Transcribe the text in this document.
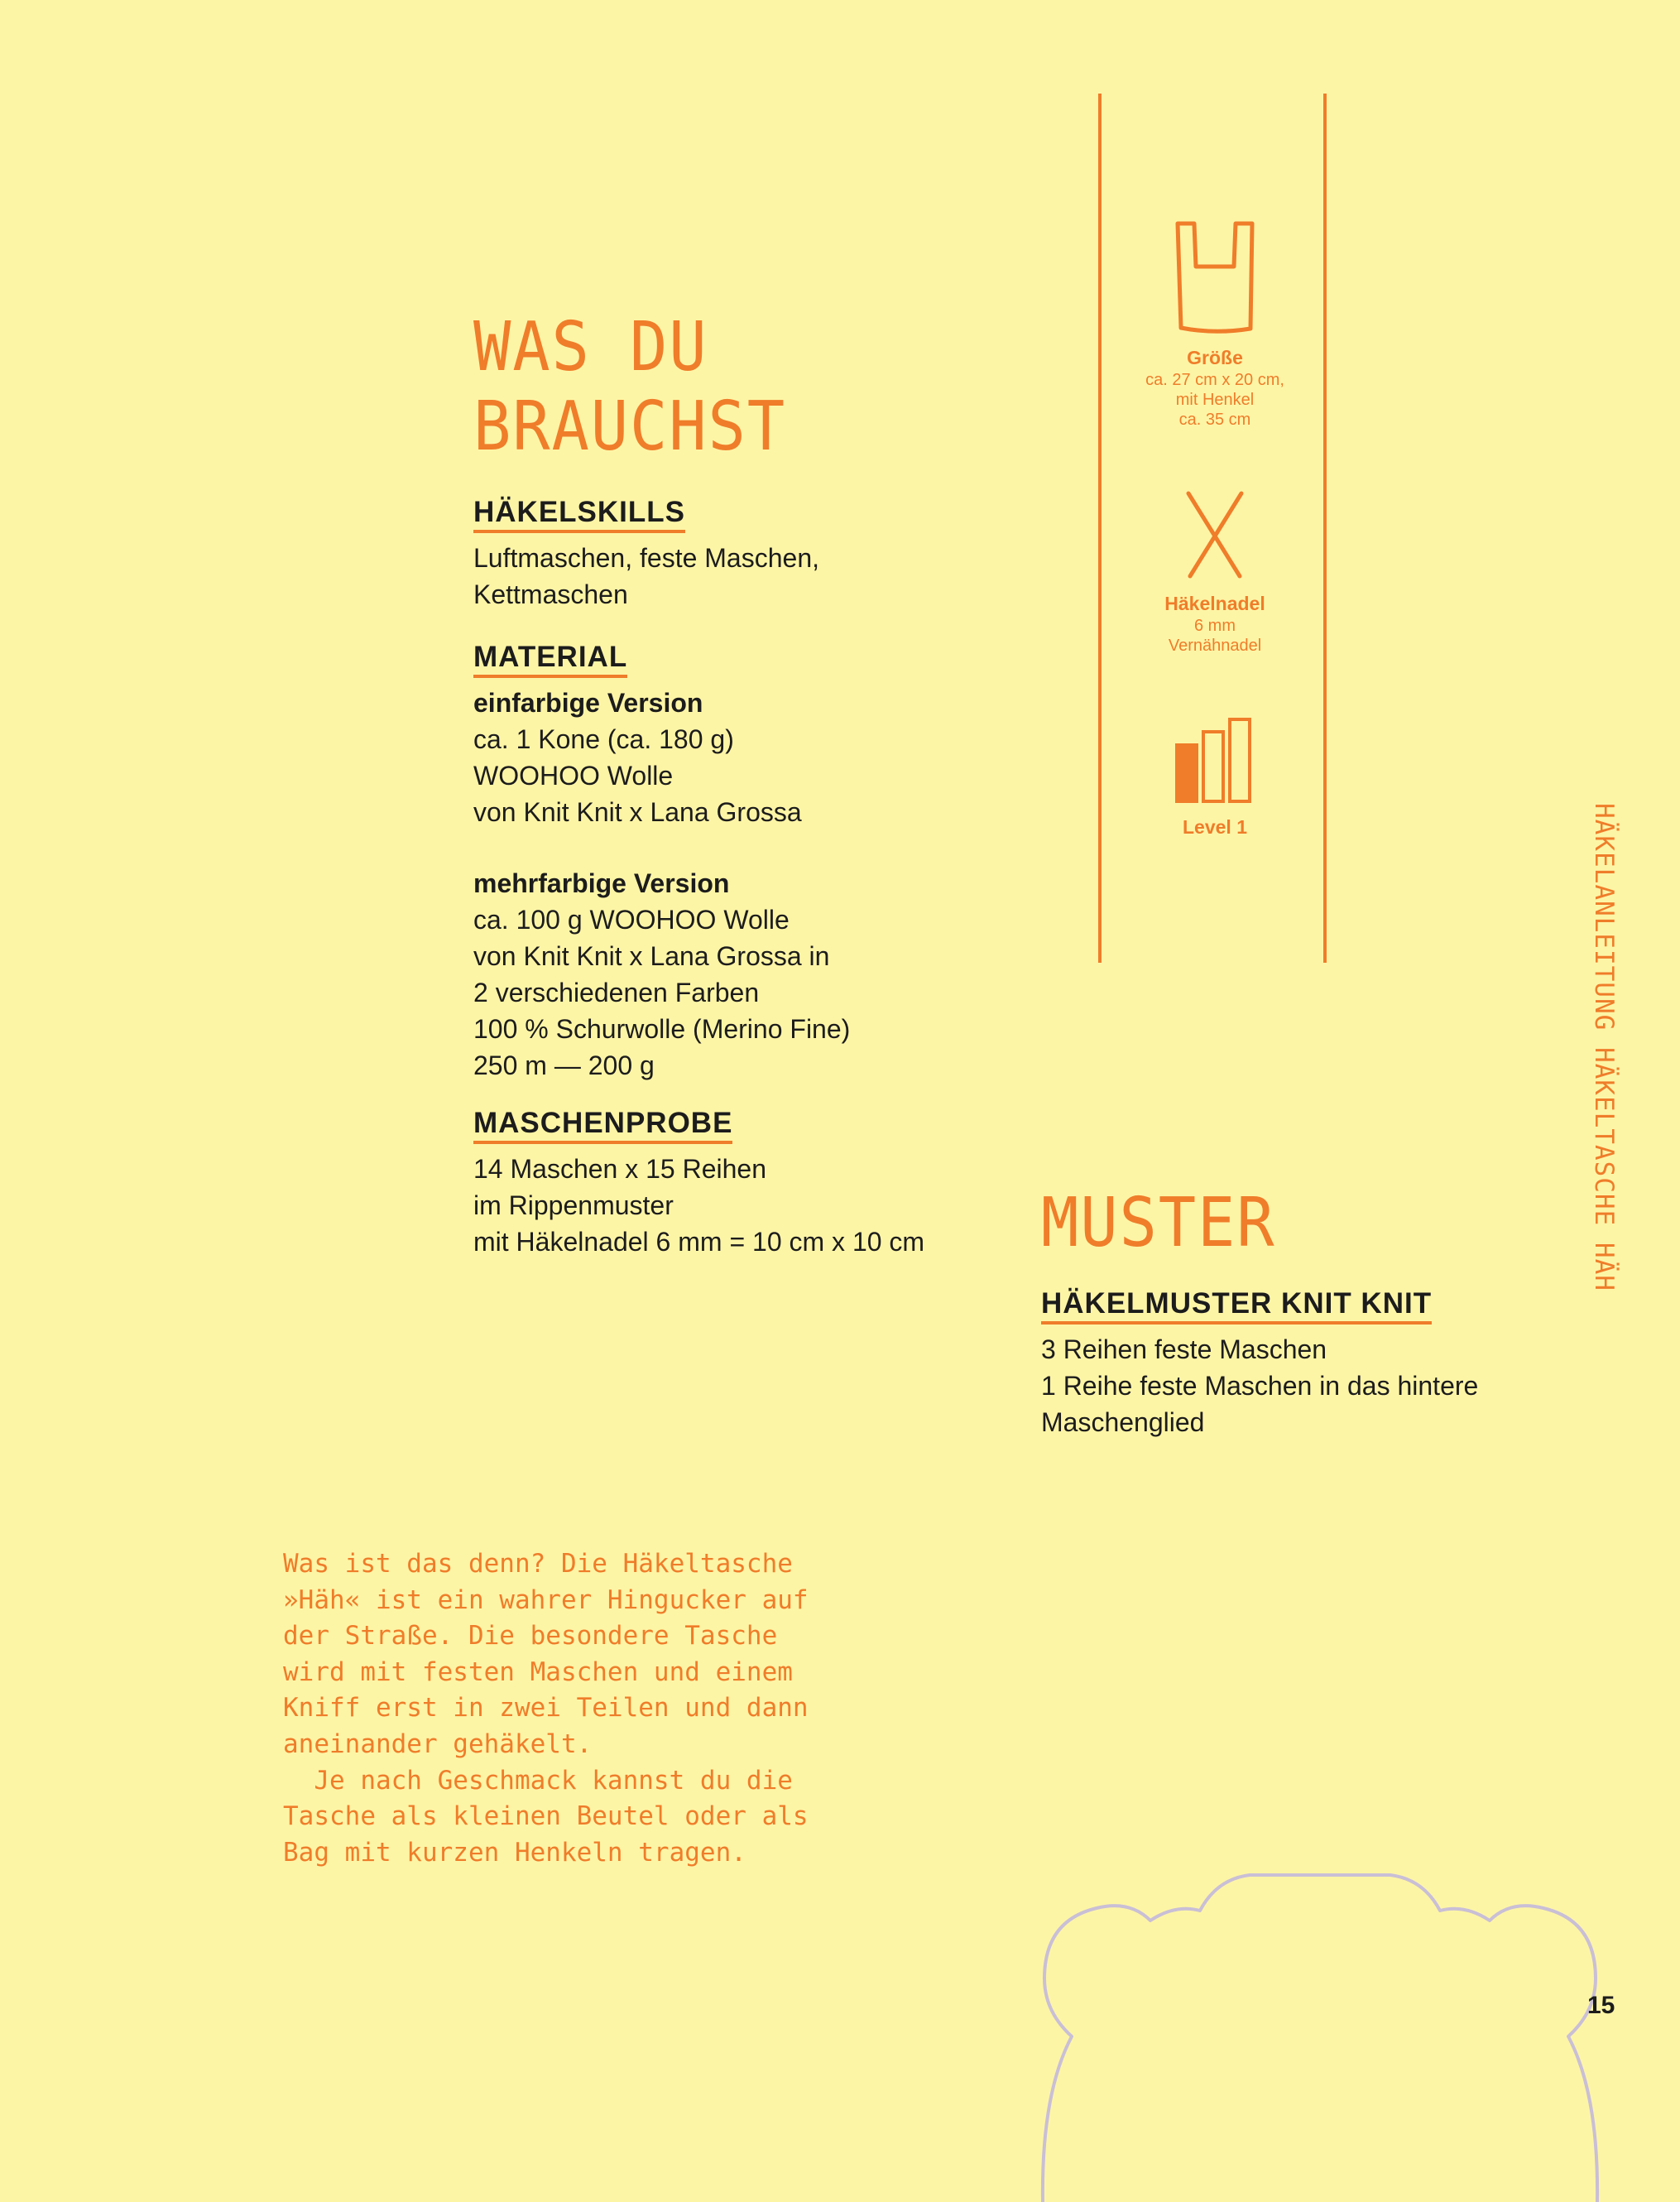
WAS DU
BRAUCHST
HÄKELSKILLS
Luftmaschen, feste Maschen,
Kettmaschen
MATERIAL
einfarbige Version
ca. 1 Kone (ca. 180 g)
WOOHOO Wolle
von Knit Knit x Lana Grossa
mehrfarbige Version
ca. 100 g WOOHOO Wolle
von Knit Knit x Lana Grossa in
2 verschiedenen Farben
100 % Schurwolle (Merino Fine)
250 m — 200 g
MASCHENPROBE
14 Maschen x 15 Reihen
im Rippenmuster
mit Häkelnadel 6 mm = 10 cm x 10 cm
Größe
ca. 27 cm x 20 cm,
mit Henkel
ca. 35 cm
Häkelnadel
6 mm
Vernähnadel
Level 1	HÄKELANLEITUNG HÄKELTASCHE HÄH
MUSTER
HÄKELMUSTER KNIT KNIT
3 Reihen feste Maschen
1 Reihe feste Maschen in das hintere
Maschenglied
Was ist das denn? Die Häkeltasche
»Häh« ist ein wahrer Hingucker auf
der Straße. Die besondere Tasche
wird mit festen Maschen und einem
Kniff erst in zwei Teilen und dann
aneinander gehäkelt.
Je nach Geschmack kannst du die
Tasche als kleinen Beutel oder als
Bag mit kurzen Henkeln tragen.
15
